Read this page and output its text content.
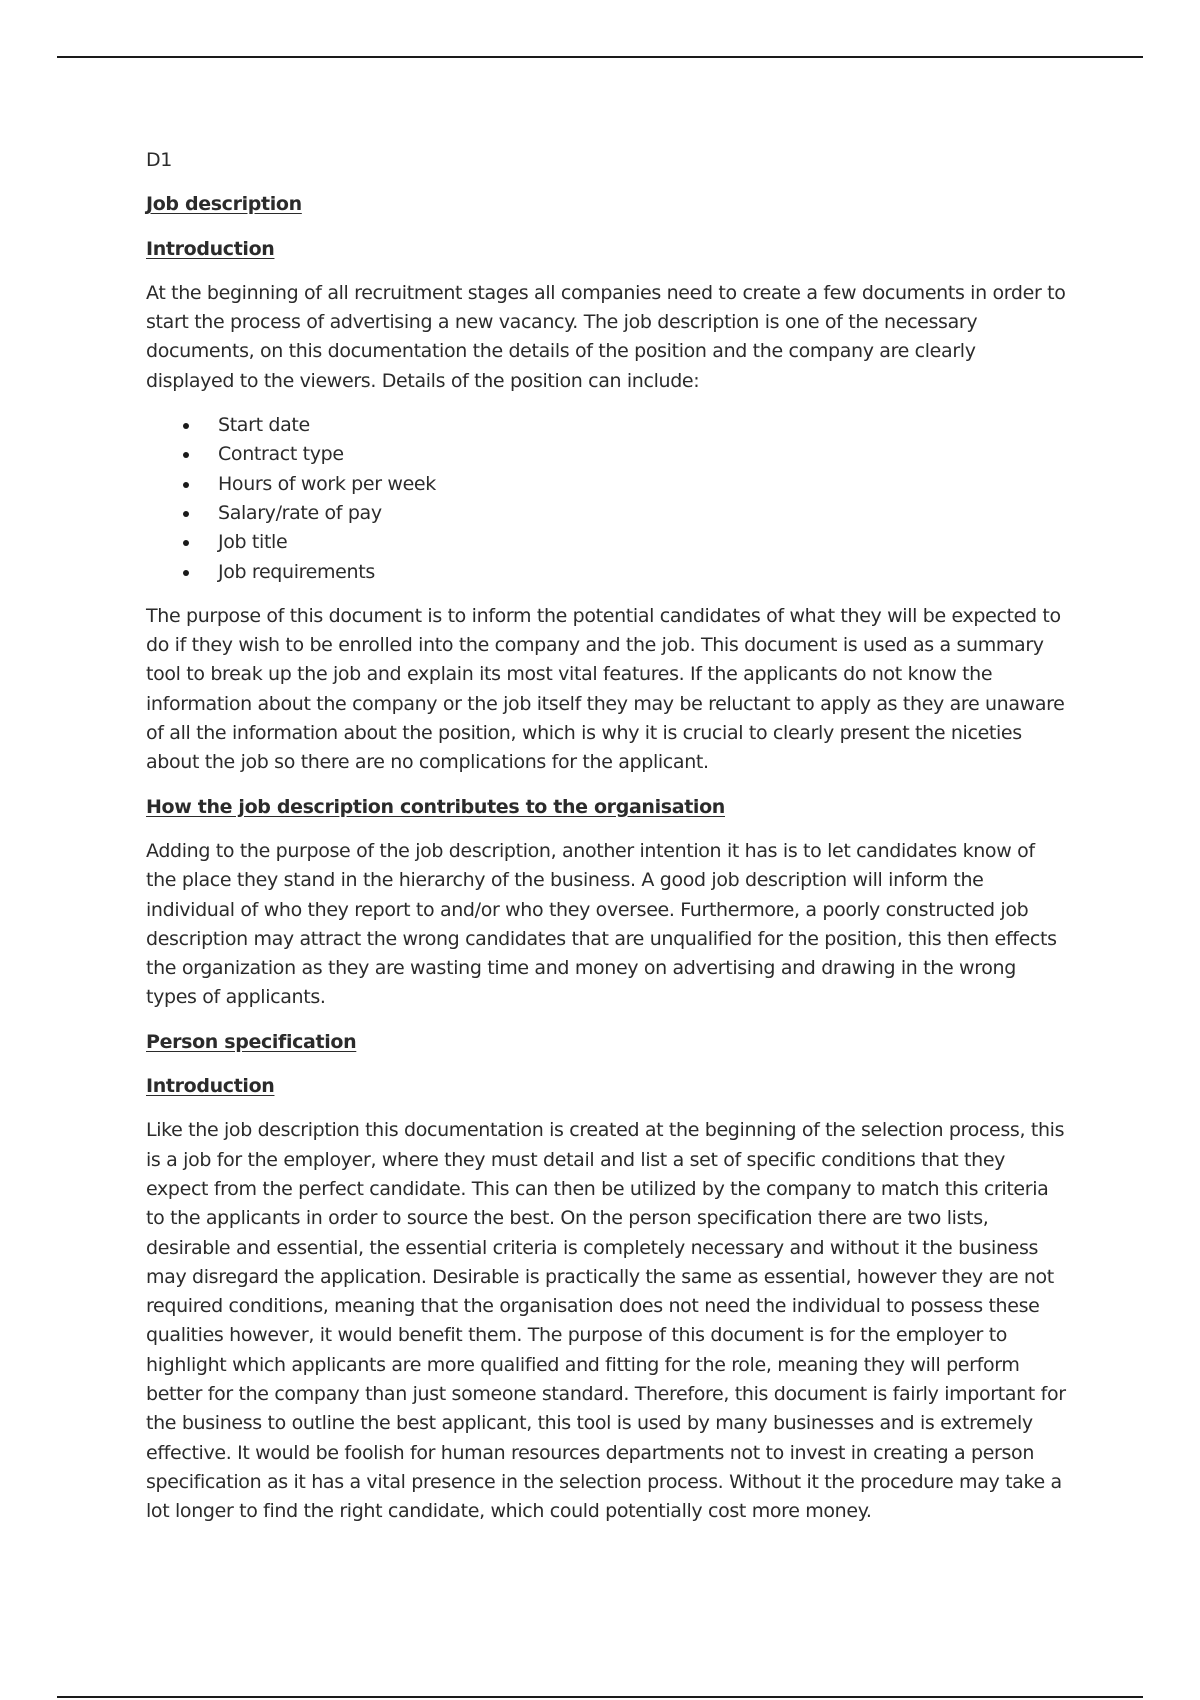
D1

Job description

Introduction

At the beginning of all recruitment stages all companies need to create a few documents in order to start the process of advertising a new vacancy. The job description is one of the necessary documents, on this documentation the details of the position and the company are clearly displayed to the viewers. Details of the position can include:

Start date
Contract type
Hours of work per week
Salary/rate of pay
Job title
Job requirements

The purpose of this document is to inform the potential candidates of what they will be expected to do if they wish to be enrolled into the company and the job. This document is used as a summary tool to break up the job and explain its most vital features. If the applicants do not know the information about the company or the job itself they may be reluctant to apply as they are unaware of all the information about the position, which is why it is crucial to clearly present the niceties about the job so there are no complications for the applicant.

How the job description contributes to the organisation

Adding to the purpose of the job description, another intention it has is to let candidates know of the place they stand in the hierarchy of the business. A good job description will inform the individual of who they report to and/or who they oversee. Furthermore, a poorly constructed job description may attract the wrong candidates that are unqualified for the position, this then effects the organization as they are wasting time and money on advertising and drawing in the wrong types of applicants.

Person specification

Introduction

Like the job description this documentation is created at the beginning of the selection process, this is a job for the employer, where they must detail and list a set of specific conditions that they expect from the perfect candidate. This can then be utilized by the company to match this criteria to the applicants in order to source the best. On the person specification there are two lists, desirable and essential, the essential criteria is completely necessary and without it the business may disregard the application. Desirable is practically the same as essential, however they are not required conditions, meaning that the organisation does not need the individual to possess these qualities however, it would benefit them. The purpose of this document is for the employer to highlight which applicants are more qualified and fitting for the role, meaning they will perform better for the company than just someone standard. Therefore, this document is fairly important for the business to outline the best applicant, this tool is used by many businesses and is extremely effective. It would be foolish for human resources departments not to invest in creating a person specification as it has a vital presence in the selection process. Without it the procedure may take a lot longer to find the right candidate, which could potentially cost more money.
